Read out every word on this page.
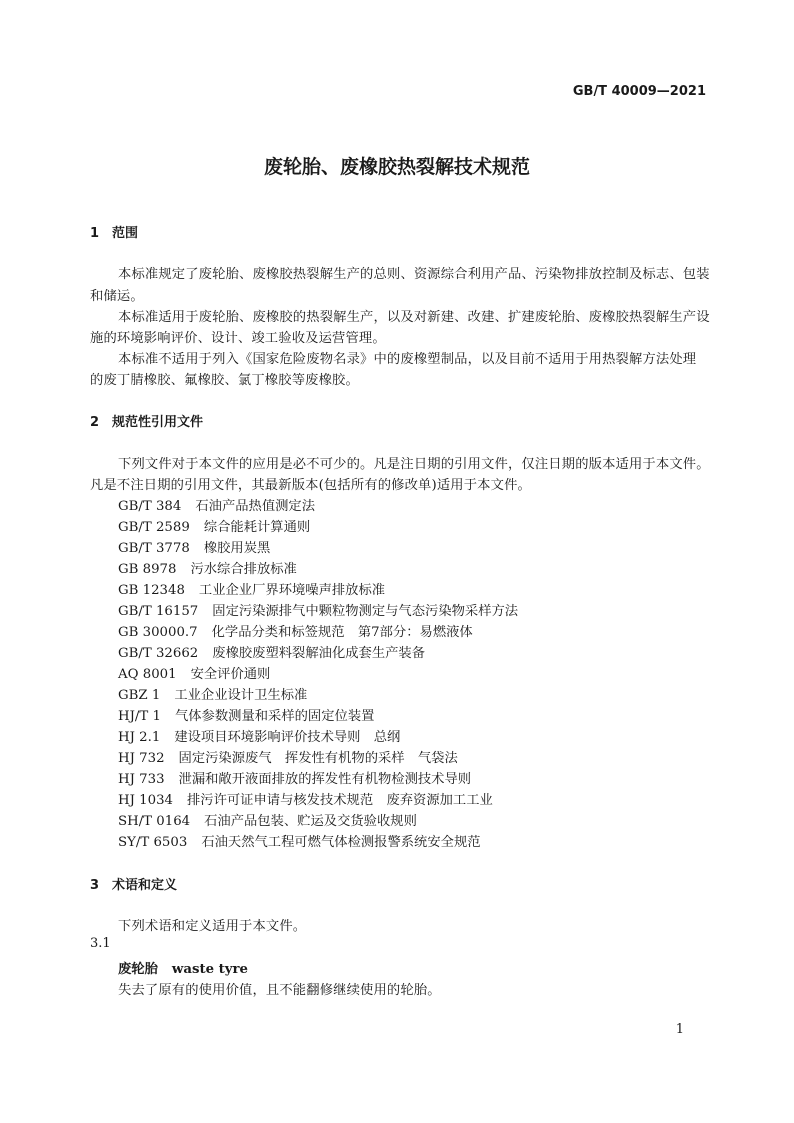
GB/T 40009—2021
废轮胎、废橡胶热裂解技术规范
1 范围
本标准规定了废轮胎、废橡胶热裂解生产的总则、资源综合利用产品、污染物排放控制及标志、包装
和储运。
本标准适用于废轮胎、废橡胶的热裂解生产，以及对新建、改建、扩建废轮胎、废橡胶热裂解生产设
施的环境影响评价、设计、竣工验收及运营管理。
本标准不适用于列入《国家危险废物名录》中的废橡塑制品，以及目前不适用于用热裂解方法处理
的废丁腈橡胶、氟橡胶、氯丁橡胶等废橡胶。
2 规范性引用文件
下列文件对于本文件的应用是必不可少的。凡是注日期的引用文件，仅注日期的版本适用于本文件。
凡是不注日期的引用文件，其最新版本(包括所有的修改单)适用于本文件。
GB/T 384 石油产品热值测定法
GB/T 2589 综合能耗计算通则
GB/T 3778 橡胶用炭黑
GB 8978 污水综合排放标准
GB 12348 工业企业厂界环境噪声排放标准
GB/T 16157 固定污染源排气中颗粒物测定与气态污染物采样方法
GB 30000.7 化学品分类和标签规范　第7部分：易燃液体
GB/T 32662 废橡胶废塑料裂解油化成套生产装备
AQ 8001 安全评价通则
GBZ 1 工业企业设计卫生标准
HJ/T 1 气体参数测量和采样的固定位装置
HJ 2.1 建设项目环境影响评价技术导则　总纲
HJ 732 固定污染源废气　挥发性有机物的采样　气袋法
HJ 733 泄漏和敞开液面排放的挥发性有机物检测技术导则
HJ 1034 排污许可证申请与核发技术规范　废弃资源加工工业
SH/T 0164 石油产品包装、贮运及交货验收规则
SY/T 6503 石油天然气工程可燃气体检测报警系统安全规范
3 术语和定义
下列术语和定义适用于本文件。
3.1
废轮胎 waste tyre
失去了原有的使用价值，且不能翻修继续使用的轮胎。
1
